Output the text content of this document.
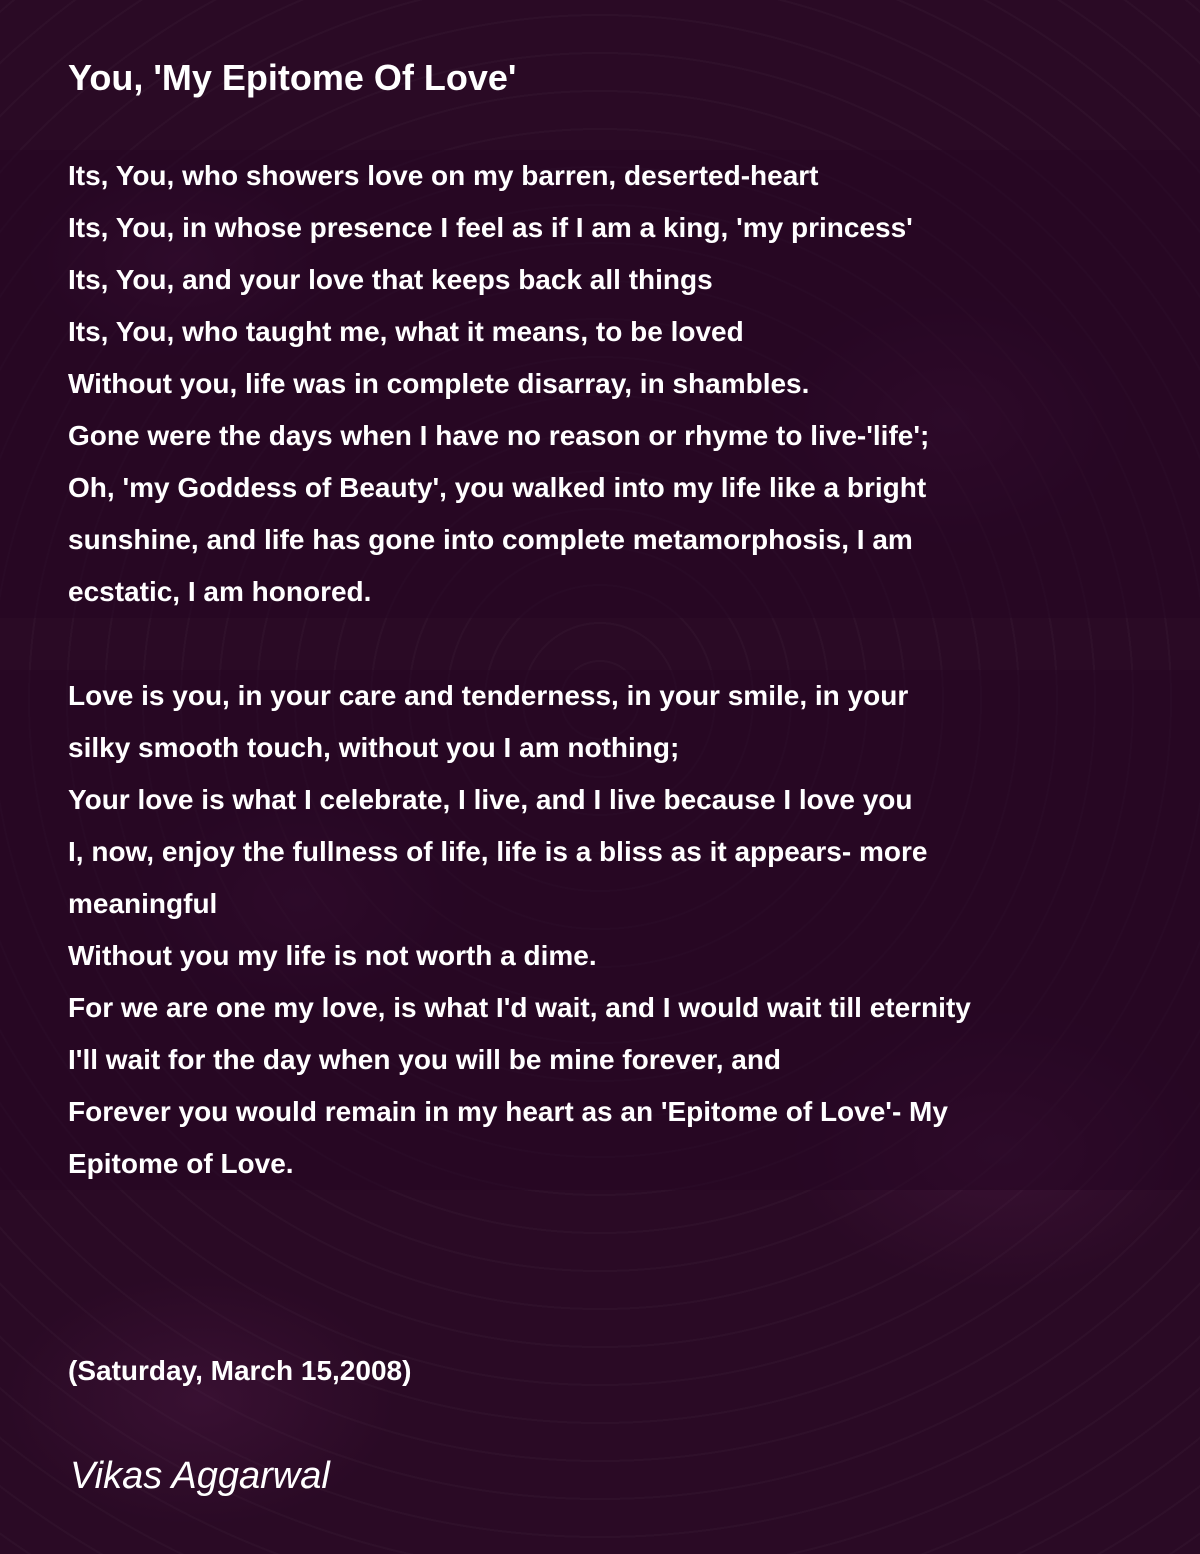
You, 'My Epitome Of Love'
Its, You, who showers love on my barren, deserted-heart
Its, You, in whose presence I feel as if I am a king, 'my princess'
Its, You, and your love that keeps back all things
Its, You, who taught me, what it means, to be loved
Without you, life was in complete disarray, in shambles.
Gone were the days when I have no reason or rhyme to live-'life';
Oh, 'my Goddess of Beauty', you walked into my life like a bright
sunshine, and life has gone into complete metamorphosis, I am
ecstatic, I am honored.
Love is you, in your care and tenderness, in your smile, in your
silky smooth touch, without you I am nothing;
Your love is what I celebrate, I live, and I live because I love you
I, now, enjoy the fullness of life, life is a bliss as it appears- more
meaningful
Without you my life is not worth a dime.
For we are one my love, is what I'd wait, and I would wait till eternity
I'll wait for the day when you will be mine forever, and
Forever you would remain in my heart as an 'Epitome of Love'- My
Epitome of Love.
(Saturday, March 15,2008)
Vikas Aggarwal
